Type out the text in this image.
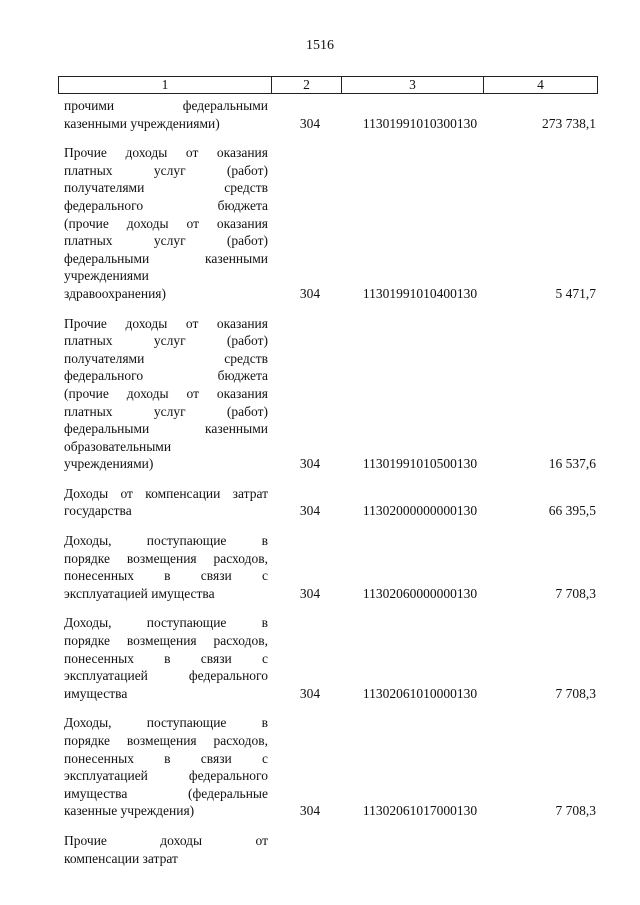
1516
1	2	3	4
прочими федеральными
казенными учреждениями)	304	11301991010300130	273 738,1
Прочие доходы от оказания
платных услуг (работ)
получателями средств
федерального бюджета
(прочие доходы от оказания
платных услуг (работ)
федеральными казенными
учреждениями
здравоохранения)	304	11301991010400130	5 471,7
Прочие доходы от оказания
платных услуг (работ)
получателями средств
федерального бюджета
(прочие доходы от оказания
платных услуг (работ)
федеральными казенными
образовательными
учреждениями)	304	11301991010500130	16 537,6
Доходы от компенсации затрат
государства	304	11302000000000130	66 395,5
Доходы, поступающие в
порядке возмещения расходов,
понесенных в связи с
эксплуатацией имущества	304	11302060000000130	7 708,3
Доходы, поступающие в
порядке возмещения расходов,
понесенных в связи с
эксплуатацией федерального
имущества	304	11302061010000130	7 708,3
Доходы, поступающие в
порядке возмещения расходов,
понесенных в связи с
эксплуатацией федерального
имущества (федеральные
казенные учреждения)	304	11302061017000130	7 708,3
Прочие доходы от
компенсации затрат
